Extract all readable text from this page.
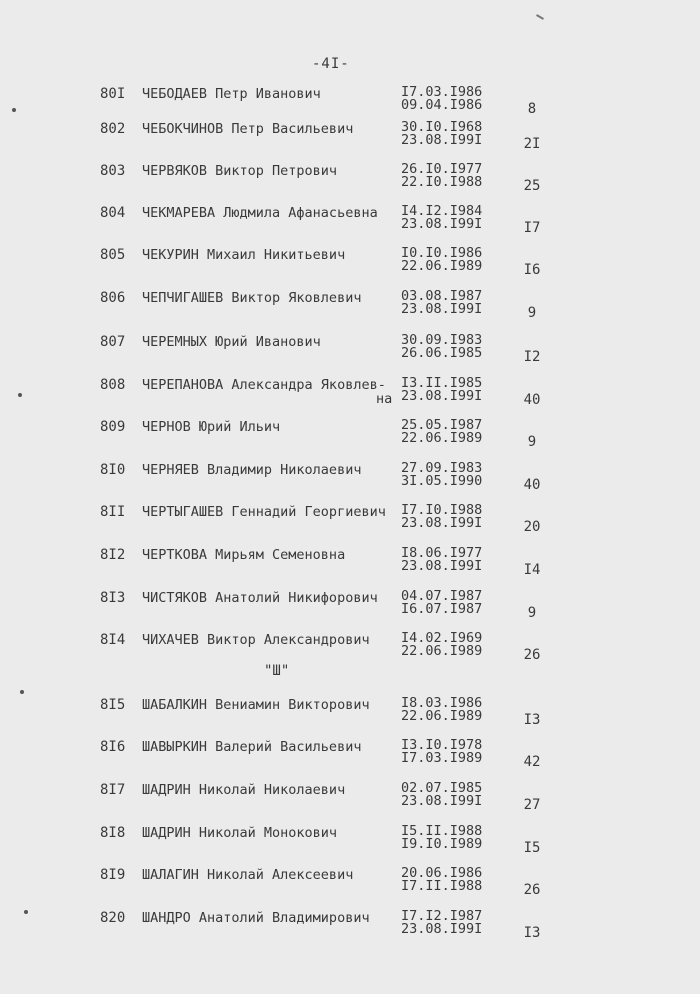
-4I-
80I ЧЕБОДАЕВ Петр Иванович	I7.03.I986
09.04.I986	8
802 ЧЕБОКЧИНОВ Петр Васильевич	30.I0.I968
23.08.I99I	2I
803 ЧЕРВЯКОВ Виктор Петрович	26.I0.I977
22.I0.I988	25
804 ЧЕКМАРЕВА Людмила Афанасьевна I4.I2.I984
23.08.I99I	I7
805 ЧЕКУРИН Михаил Никитьевич	I0.I0.I986
22.06.I989	I6
806 ЧЕПЧИГАШЕВ Виктор Яковлевич	03.08.I987
23.08.I99I	9
807 ЧЕРЕМНЫХ Юрий Иванович	30.09.I983
26.06.I985	I2
808 ЧЕРЕПАНОВА Александра Яковлев- I3.II.I985
23.08.I99I	40
на
809 ЧЕРНОВ Юрий Ильич	25.05.I987
22.06.I989	9
8I0 ЧЕРНЯЕВ Владимир Николаевич	27.09.I983
3I.05.I990	40
8II ЧЕРТЫГАШЕВ Геннадий Георгиевич I7.I0.I988
23.08.I99I	20
8I2 ЧЕРТКОВА Мирьям Семеновна	I8.06.I977
23.08.I99I	I4
8I3 ЧИСТЯКОВ Анатолий Никифорович 04.07.I987
I6.07.I987	9
8I4 ЧИХАЧЕВ Виктор Александрович I4.02.I969
22.06.I989	26
8I5 ШАБАЛКИН Вениамин Викторович I8.03.I986
22.06.I989	I3
8I6 ШАВЫРКИН Валерий Васильевич	I3.I0.I978
I7.03.I989	42
8I7 ШАДРИН Николай Николаевич	02.07.I985
23.08.I99I	27
8I8 ШАДРИН Николай Монокович	I5.II.I988
I9.I0.I989	I5
8I9 ШАЛАГИН Николай Алексеевич	20.06.I986
I7.II.I988	26
820 ШАНДРО Анатолий Владимирович I7.I2.I987
23.08.I99I	I3
"Ш"
